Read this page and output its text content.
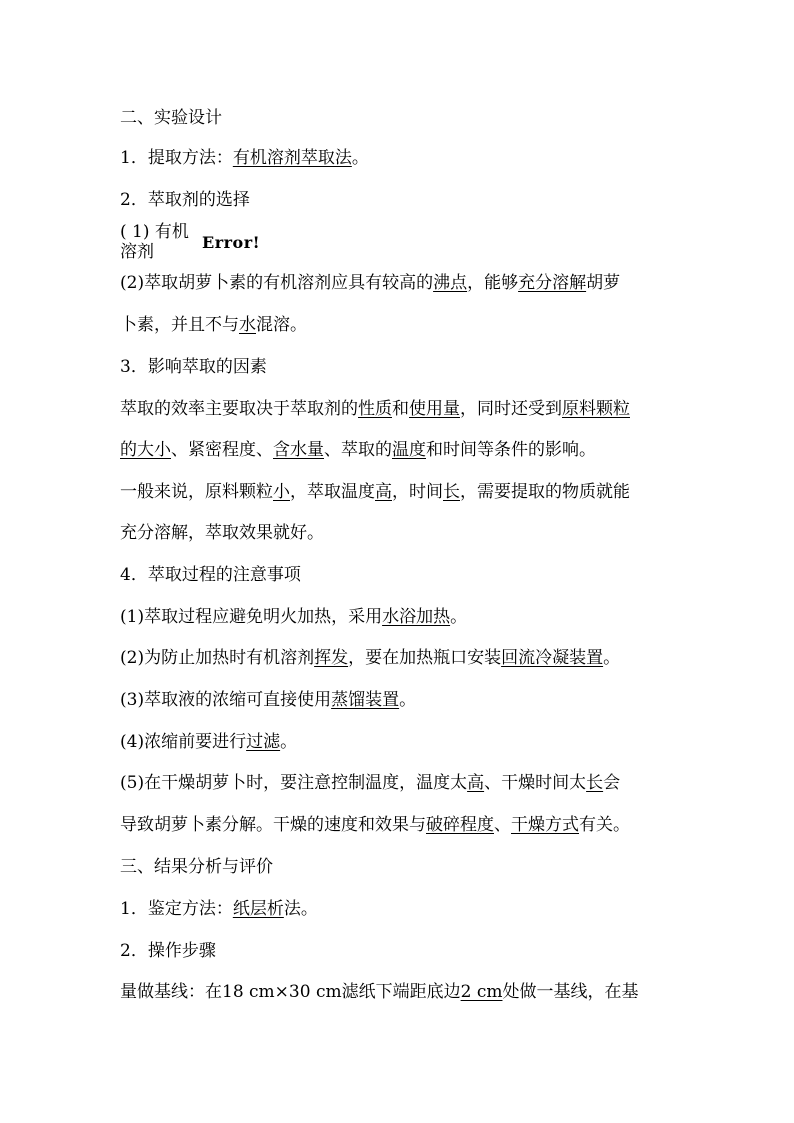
二、实验设计
1．提取方法：有机溶剂萃取法。
2．萃取剂的选择
( 1) 有机
溶剂	Error!
(2)萃取胡萝卜素的有机溶剂应具有较高的沸点，能够充分溶解胡萝
卜素，并且不与水混溶。
3．影响萃取的因素
萃取的效率主要取决于萃取剂的性质和使用量，同时还受到原料颗粒
的大小、紧密程度、含水量、萃取的温度和时间等条件的影响。
一般来说，原料颗粒小，萃取温度高，时间长，需要提取的物质就能
充分溶解，萃取效果就好。
4．萃取过程的注意事项
(1)萃取过程应避免明火加热，采用水浴加热。
(2)为防止加热时有机溶剂挥发，要在加热瓶口安装回流冷凝装置。
(3)萃取液的浓缩可直接使用蒸馏装置。
(4)浓缩前要进行过滤。
(5)在干燥胡萝卜时，要注意控制温度，温度太高、干燥时间太长会
导致胡萝卜素分解。干燥的速度和效果与破碎程度、干燥方式有关。
三、结果分析与评价
1．鉴定方法：纸层析法。
2．操作步骤
量做基线：在18 cm×30 cm滤纸下端距底边2 cm处做一基线，在基
